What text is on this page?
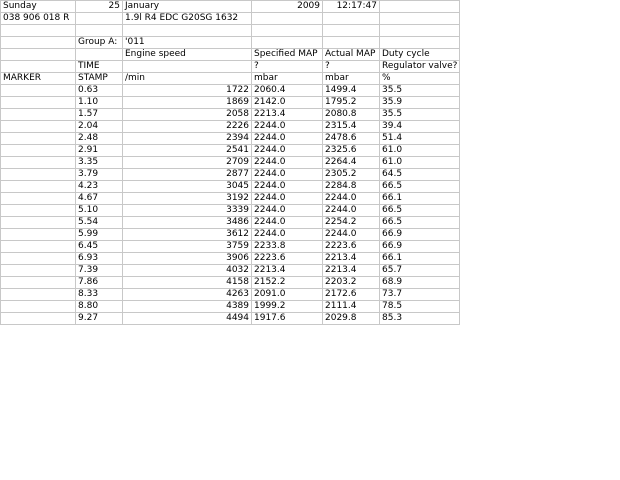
Sunday	25	January	2009	12:17:47	
038 906 018 R		1.9l R4 EDC G20SG 1632			

	Group A:	'011			
		Engine speed	Specified MAP	Actual MAP	Duty cycle
	TIME		?	?	Regulator valve?
MARKER	STAMP	/min	mbar	mbar	%
	0.63	1722	2060.4	1499.4	35.5
	1.10	1869	2142.0	1795.2	35.9
	1.57	2058	2213.4	2080.8	35.5
	2.04	2226	2244.0	2315.4	39.4
	2.48	2394	2244.0	2478.6	51.4
	2.91	2541	2244.0	2325.6	61.0
	3.35	2709	2244.0	2264.4	61.0
	3.79	2877	2244.0	2305.2	64.5
	4.23	3045	2244.0	2284.8	66.5
	4.67	3192	2244.0	2244.0	66.1
	5.10	3339	2244.0	2244.0	66.5
	5.54	3486	2244.0	2254.2	66.5
	5.99	3612	2244.0	2244.0	66.9
	6.45	3759	2233.8	2223.6	66.9
	6.93	3906	2223.6	2213.4	66.1
	7.39	4032	2213.4	2213.4	65.7
	7.86	4158	2152.2	2203.2	68.9
	8.33	4263	2091.0	2172.6	73.7
	8.80	4389	1999.2	2111.4	78.5
	9.27	4494	1917.6	2029.8	85.3
